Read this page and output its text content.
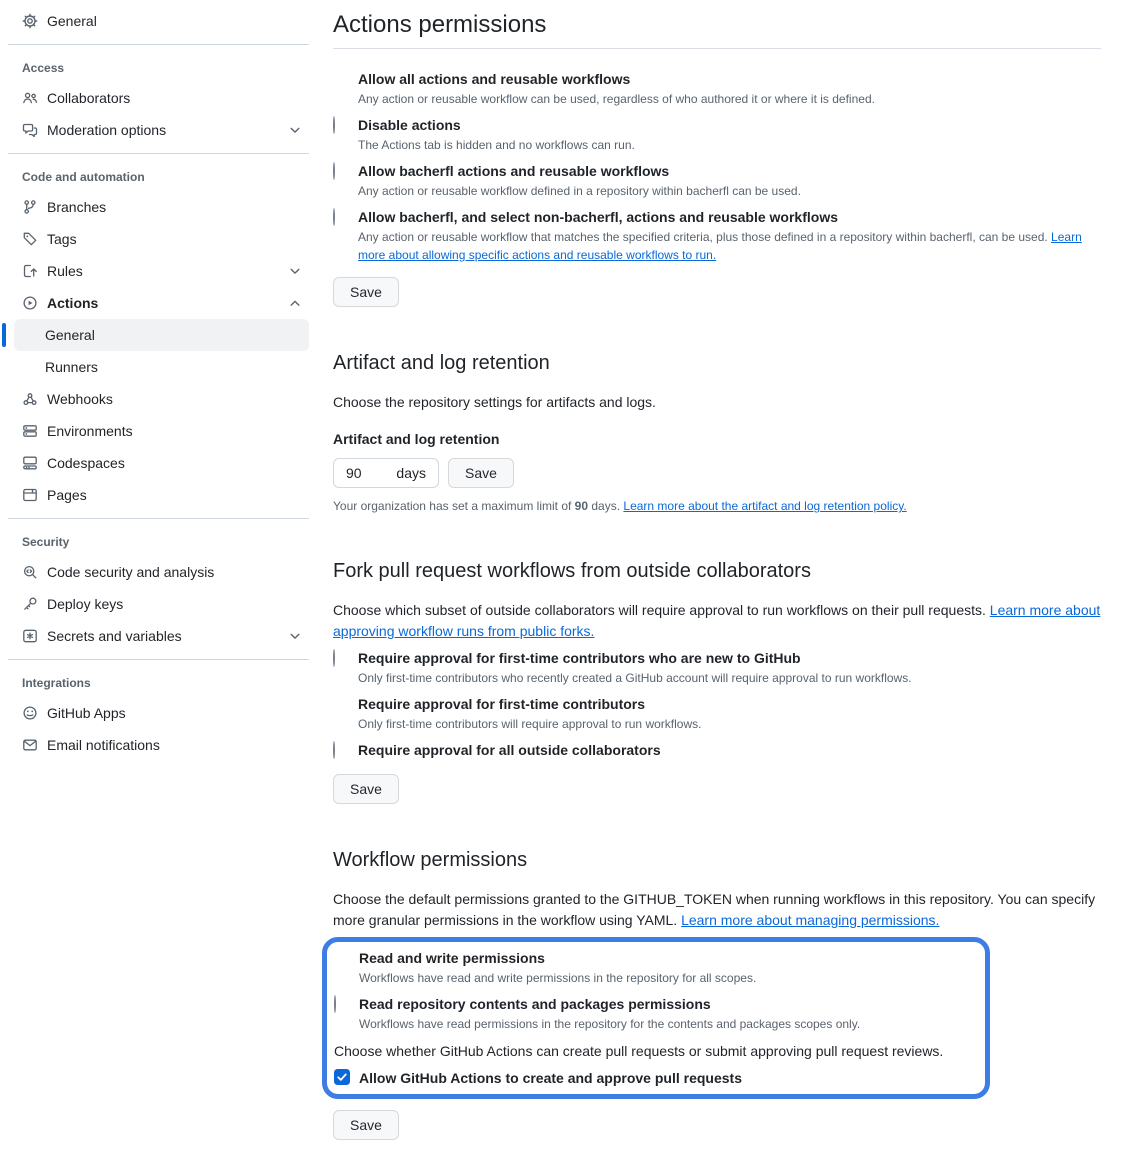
General
Access
Collaborators
Moderation options
Code and automation
Branches
Tags
Rules
Actions
General
Runners
Webhooks
Environments
Codespaces
Pages
Security
Code security and analysis
Deploy keys
Secrets and variables
Integrations
GitHub Apps
Email notifications
Actions permissions
Allow all actions and reusable workflows
Any action or reusable workflow can be used, regardless of who authored it or where it is defined.
Disable actions
The Actions tab is hidden and no workflows can run.
Allow bacherfl actions and reusable workflows
Any action or reusable workflow defined in a repository within bacherfl can be used.
Allow bacherfl, and select non-bacherfl, actions and reusable workflows
Any action or reusable workflow that matches the specified criteria, plus those defined in a repository within bacherfl, can be used. Learn more about allowing specific actions and reusable workflows to run.
Save
Artifact and log retention

Choose the repository settings for artifacts and logs.

Artifact and log retention
90 days	Save

Your organization has set a maximum limit of 90 days. Learn more about the artifact and log retention policy.

Fork pull request workflows from outside collaborators

Choose which subset of outside collaborators will require approval to run workflows on their pull requests. Learn more about approving workflow runs from public forks.

Require approval for first-time contributors who are new to GitHub
Only first-time contributors who recently created a GitHub account will require approval to run workflows.
Require approval for first-time contributors
Only first-time contributors will require approval to run workflows.
Require approval for all outside collaborators
Save
Workflow permissions

Choose the default permissions granted to the GITHUB_TOKEN when running workflows in this repository. You can specify more granular permissions in the workflow using YAML. Learn more about managing permissions.

Read and write permissions
Workflows have read and write permissions in the repository for all scopes.
Read repository contents and packages permissions
Workflows have read permissions in the repository for the contents and packages scopes only.

Choose whether GitHub Actions can create pull requests or submit approving pull request reviews.

Allow GitHub Actions to create and approve pull requests
Save
